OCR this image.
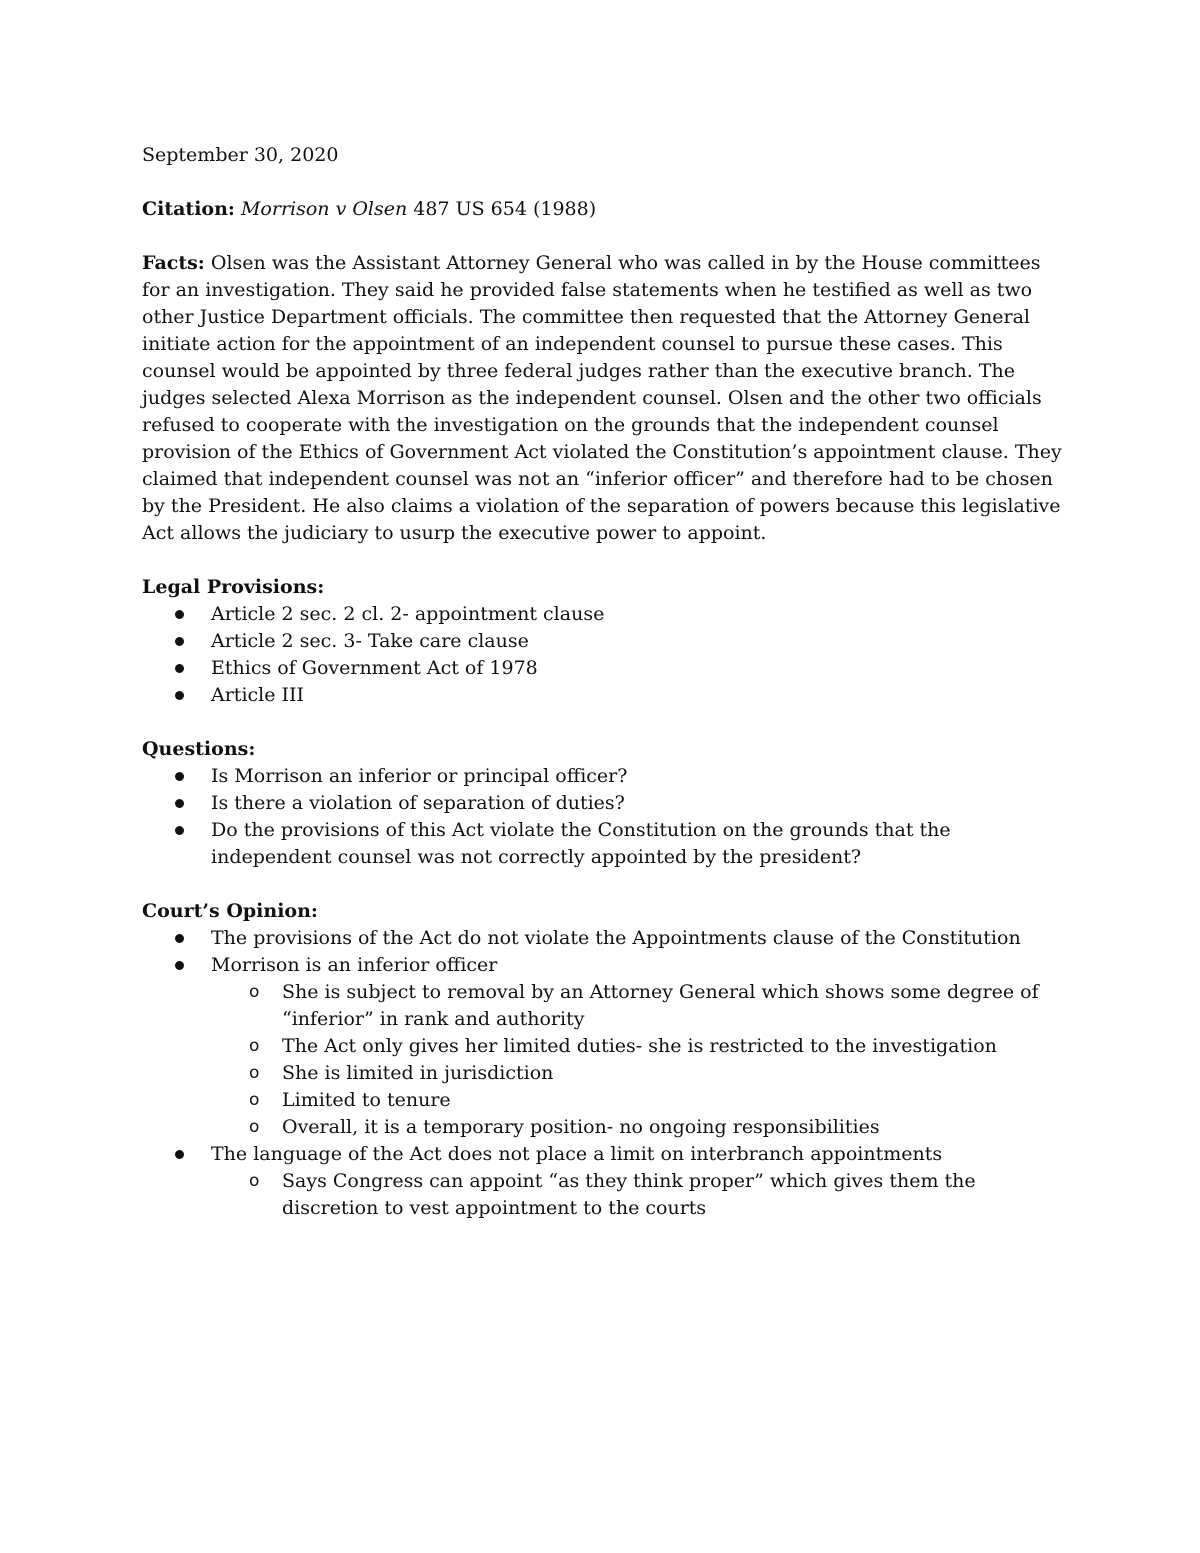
September 30, 2020

Citation: Morrison v Olsen 487 US 654 (1988)

Facts: Olsen was the Assistant Attorney General who was called in by the House committees for an investigation. They said he provided false statements when he testified as well as two other Justice Department officials. The committee then requested that the Attorney General initiate action for the appointment of an independent counsel to pursue these cases. This counsel would be appointed by three federal judges rather than the executive branch. The judges selected Alexa Morrison as the independent counsel. Olsen and the other two officials refused to cooperate with the investigation on the grounds that the independent counsel provision of the Ethics of Government Act violated the Constitution’s appointment clause. They claimed that independent counsel was not an “inferior officer” and therefore had to be chosen by the President. He also claims a violation of the separation of powers because this legislative Act allows the judiciary to usurp the executive power to appoint.

Legal Provisions:

Article 2 sec. 2 cl. 2- appointment clause
Article 2 sec. 3- Take care clause
Ethics of Government Act of 1978
Article III

Questions:

Is Morrison an inferior or principal officer?
Is there a violation of separation of duties?
Do the provisions of this Act violate the Constitution on the grounds that the independent counsel was not correctly appointed by the president?

Court’s Opinion:

The provisions of the Act do not violate the Appointments clause of the Constitution
Morrison is an inferior officer
o She is subject to removal by an Attorney General which shows some degree of “inferior” in rank and authority
o The Act only gives her limited duties- she is restricted to the investigation
o She is limited in jurisdiction
o Limited to tenure
o Overall, it is a temporary position- no ongoing responsibilities
The language of the Act does not place a limit on interbranch appointments
o Says Congress can appoint “as they think proper” which gives them the discretion to vest appointment to the courts
